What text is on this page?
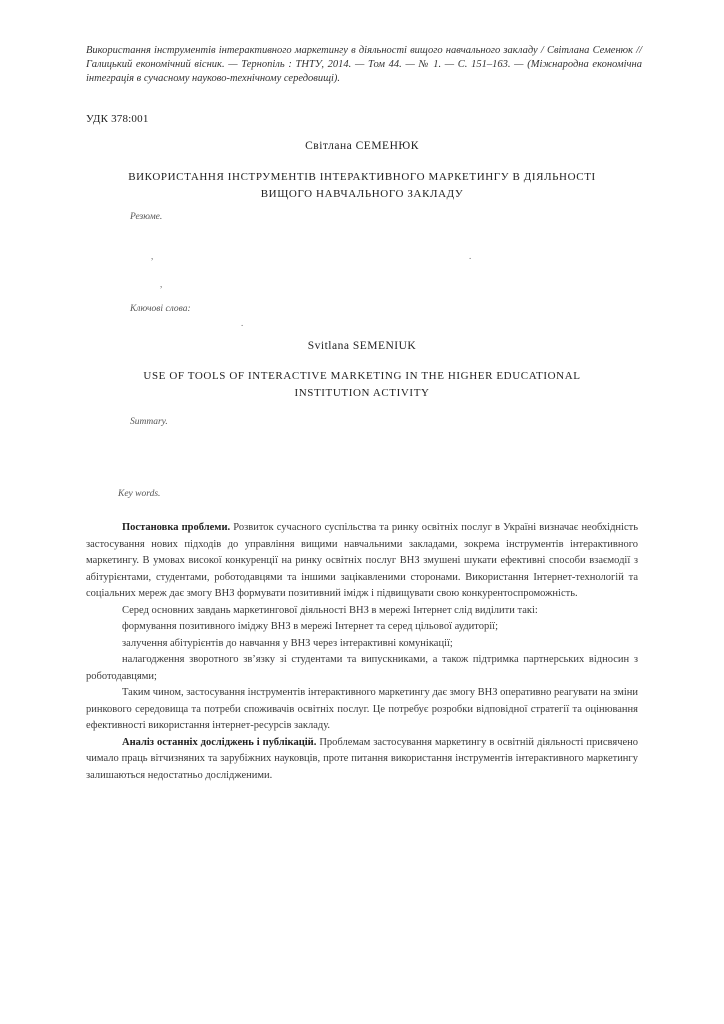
Використання інструментів інтерактивного маркетингу в діяльності вищого навчального закладу / Світлана Семенюк // Галицький економічний вісник. — Тернопіль : ТНТУ, 2014. — Том 44. — № 1. — С. 151–163. — (Міжнародна економічна інтеграція в сучасному науково-технічному середовищі).
УДК 378:001
Світлана СЕМЕНЮК
ВИКОРИСТАННЯ ІНСТРУМЕНТІВ ІНТЕРАКТИВНОГО МАРКЕТИНГУ В ДІЯЛЬНОСТІ ВИЩОГО НАВЧАЛЬНОГО ЗАКЛАДУ
Резюме.
,	.
,
Ключові слова:
.
Svitlana SEMENIUK
USE OF TOOLS OF INTERACTIVE MARKETING IN THE HIGHER EDUCATIONAL INSTITUTION ACTIVITY
Summary.
Key words.

Постановка проблеми. Розвиток сучасного суспільства та ринку освітніх послуг в Україні визначає необхідність застосування нових підходів до управління вищими навчальними закладами, зокрема інструментів інтерактивного маркетингу. В умовах високої конкуренції на ринку освітніх послуг ВНЗ змушені шукати ефективні способи взаємодії з абітурієнтами, студентами, роботодавцями та іншими зацікавленими сторонами. Використання Інтернет-технологій та соціальних мереж дає змогу ВНЗ формувати позитивний імідж і підвищувати свою конкурентоспроможність.

Серед основних завдань маркетингової діяльності ВНЗ в мережі Інтернет слід виділити такі:

формування позитивного іміджу ВНЗ в мережі Інтернет та серед цільової аудиторії;

залучення абітурієнтів до навчання у ВНЗ через інтерактивні комунікації;

налагодження зворотного зв’язку зі студентами та випускниками, а також підтримка партнерських відносин з роботодавцями;

Таким чином, застосування інструментів інтерактивного маркетингу дає змогу ВНЗ оперативно реагувати на зміни ринкового середовища та потреби споживачів освітніх послуг. Це потребує розробки відповідної стратегії та оцінювання ефективності використання інтернет-ресурсів закладу.

Аналіз останніх досліджень і публікацій. Проблемам застосування маркетингу в освітній діяльності присвячено чимало праць вітчизняних та зарубіжних науковців, проте питання використання інструментів інтерактивного маркетингу залишаються недостатньо дослідженими.
